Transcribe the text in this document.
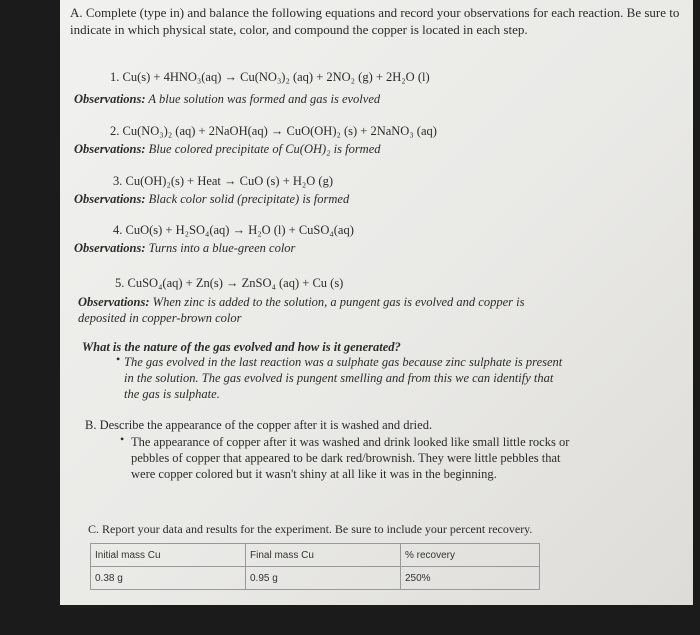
A. Complete (type in) and balance the following equations and record your observations for each reaction. Be sure to indicate in which physical state, color, and compound the copper is located in each step.
1. Cu(s) + 4HNO₃(aq) → Cu(NO₃)₂ (aq) + 2NO₂ (g) + 2H₂O (l)
Observations: A blue solution was formed and gas is evolved
2. Cu(NO₃)₂ (aq) + 2NaOH(aq) → CuO(OH)₂ (s) + 2NaNO₃ (aq)
Observations: Blue colored precipitate of Cu(OH)₂ is formed
3. Cu(OH)₂(s) + Heat → CuO (s) + H₂O (g)
Observations: Black color solid (precipitate) is formed
4. CuO(s) + H₂SO₄(aq) → H₂O (l) + CuSO₄(aq)
Observations: Turns into a blue-green color
5. CuSO₄(aq) + Zn(s) → ZnSO₄ (aq) + Cu (s)
Observations: When zinc is added to the solution, a pungent gas is evolved and copper is deposited in copper-brown color
What is the nature of the gas evolved and how is it generated?
• The gas evolved in the last reaction was a sulphate gas because zinc sulphate is present in the solution. The gas evolved is pungent smelling and from this we can identify that the gas is sulphate.
B. Describe the appearance of the copper after it is washed and dried.
• The appearance of copper after it was washed and drink looked like small little rocks or pebbles of copper that appeared to be dark red/brownish. They were little pebbles that were copper colored but it wasn't shiny at all like it was in the beginning.
C. Report your data and results for the experiment. Be sure to include your percent recovery.
Initial mass Cu	Final mass Cu	% recovery
0.38 g	0.95 g	250%
